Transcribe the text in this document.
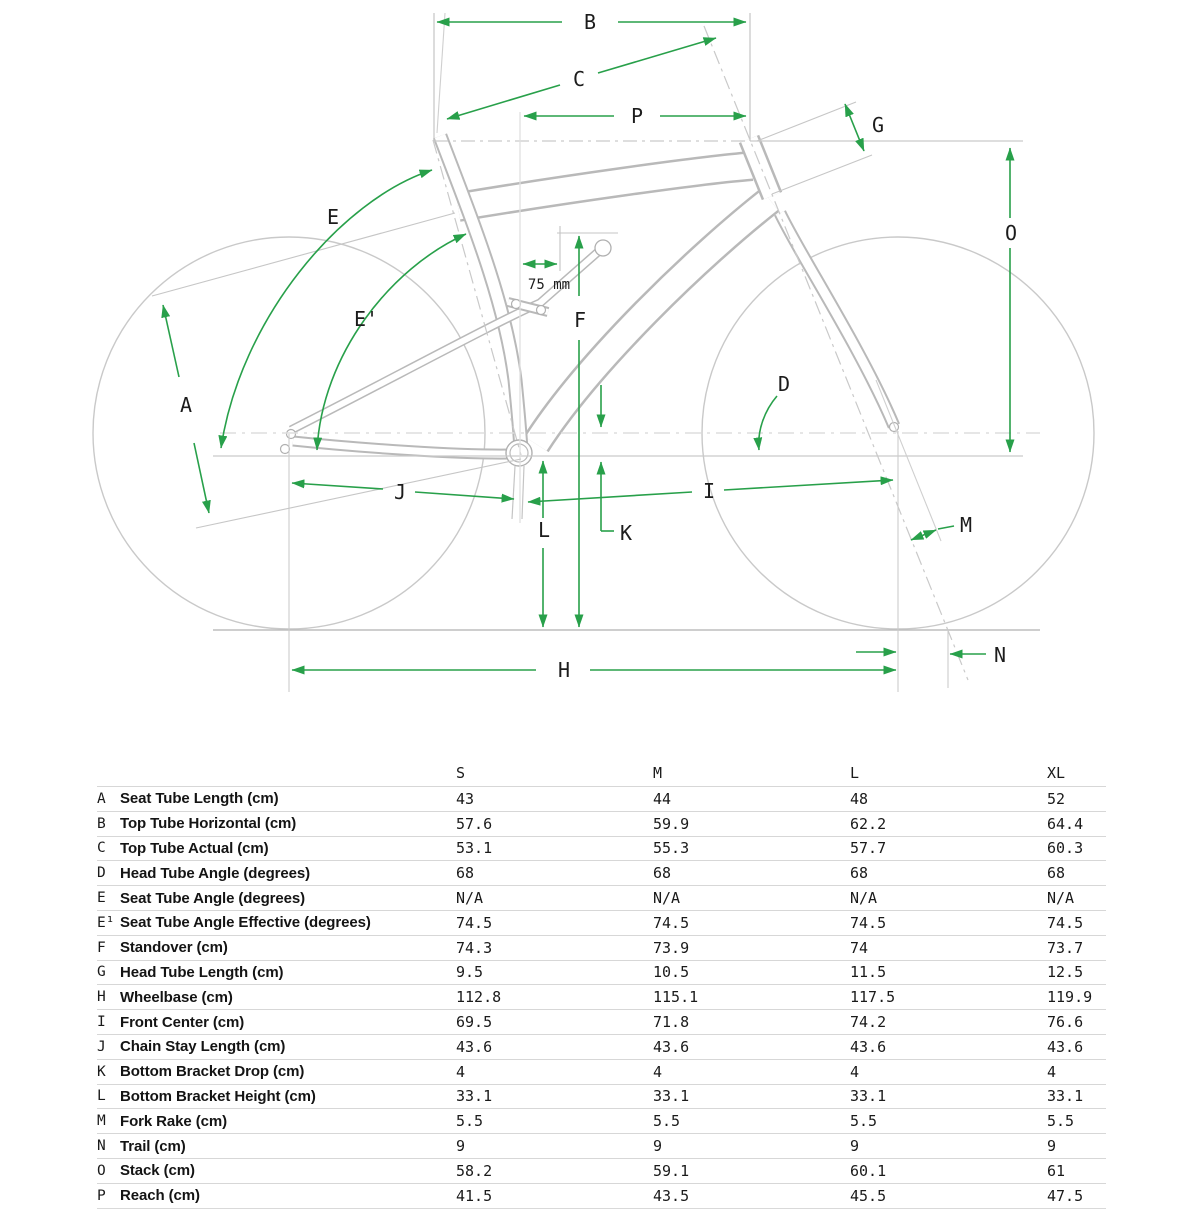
B
C
P	G
E
E'
A
F
O
D
J	I
K
L	M
N
H
75 mm
S	M	L	XL
A Seat Tube Length (cm)	43	44	48	52
B Top Tube Horizontal (cm)	57.6	59.9	62.2	64.4
C Top Tube Actual (cm)	53.1	55.3	57.7	60.3
D Head Tube Angle (degrees)	68	68	68	68
E Seat Tube Angle (degrees)	N/A	N/A	N/A	N/A
E¹ Seat Tube Angle Effective (degrees)	74.5	74.5	74.5	74.5
F Standover (cm)	74.3	73.9	74	73.7
G Head Tube Length (cm)	9.5	10.5	11.5	12.5
H Wheelbase (cm)	112.8	115.1	117.5	119.9
I Front Center (cm)	69.5	71.8	74.2	76.6
J Chain Stay Length (cm)	43.6	43.6	43.6	43.6
K Bottom Bracket Drop (cm)	4	4	4	4
L Bottom Bracket Height (cm)	33.1	33.1	33.1	33.1
M Fork Rake (cm)	5.5	5.5	5.5	5.5
N Trail (cm)	9	9	9	9
O Stack (cm)	58.2	59.1	60.1	61
P Reach (cm)	41.5	43.5	45.5	47.5
